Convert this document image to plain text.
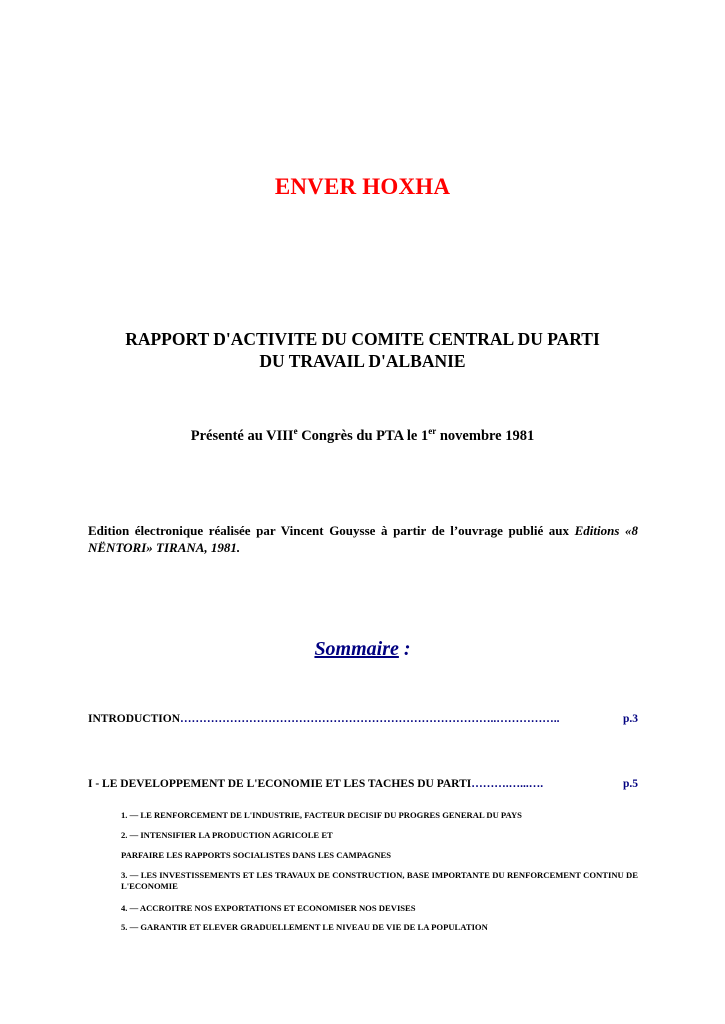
ENVER HOXHA
RAPPORT D'ACTIVITE DU COMITE CENTRAL DU PARTI
DU TRAVAIL D'ALBANIE
Présenté au VIIIe Congrès du PTA le 1er novembre 1981
Edition électronique réalisée par Vincent Gouysse à partir de l’ouvrage publié aux Editions «8 NËNTORI» TIRANA, 1981.
Sommaire :
INTRODUCTION ………………………………………………………………………..……………..	p.3
I - LE DEVELOPPEMENT DE L'ECONOMIE ET LES TACHES DU PARTI ……….…...….	p.5
1. — LE RENFORCEMENT DE L'INDUSTRIE, FACTEUR DECISIF DU PROGRES GENERAL DU PAYS
2. — INTENSIFIER LA PRODUCTION AGRICOLE ET
PARFAIRE LES RAPPORTS SOCIALISTES DANS LES CAMPAGNES
3. — LES INVESTISSEMENTS ET LES TRAVAUX DE CONSTRUCTION, BASE IMPORTANTE DU RENFORCEMENT CONTINU DE L'ECONOMIE
4. — ACCROITRE NOS EXPORTATIONS ET ECONOMISER NOS DEVISES
5. — GARANTIR ET ELEVER GRADUELLEMENT LE NIVEAU DE VIE DE LA POPULATION
